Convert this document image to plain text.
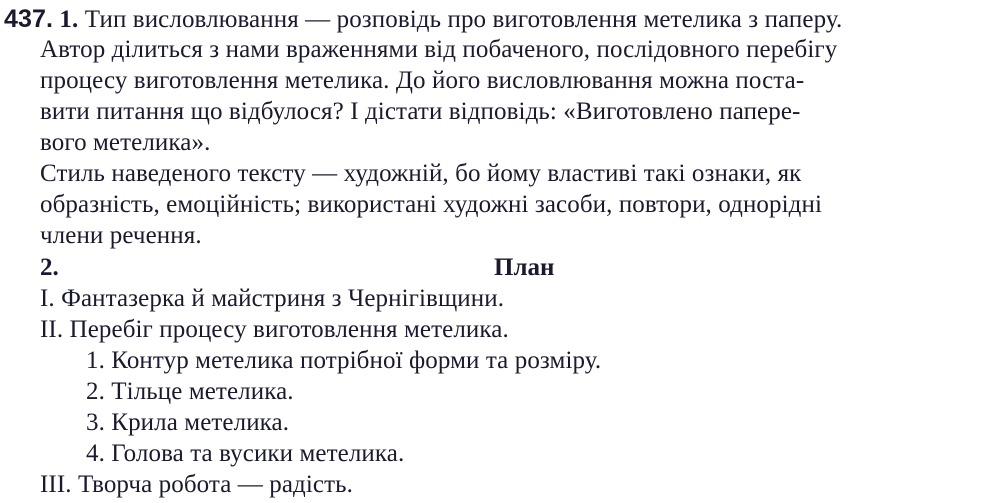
437. 1. Тип висловлювання — розповідь про виготовлення метелика з паперу.
Автор ділиться з нами враженнями від побаченого, послідовного перебігу
процесу виготовлення метелика. До його висловлювання можна поста-
вити питання що відбулося? І дістати відповідь: «Виготовлено папере-
вого метелика».
Стиль наведеного тексту — художній, бо йому властиві такі ознаки, як
образність, емоційність; використані художні засоби, повтори, однорідні
члени речення.
2.	План
І. Фантазерка й майстриня з Чернігівщини.
ІІ. Перебіг процесу виготовлення метелика.
1. Контур метелика потрібної форми та розміру.
2. Тільце метелика.
3. Крила метелика.
4. Голова та вусики метелика.
ІІІ. Творча робота — радість.
